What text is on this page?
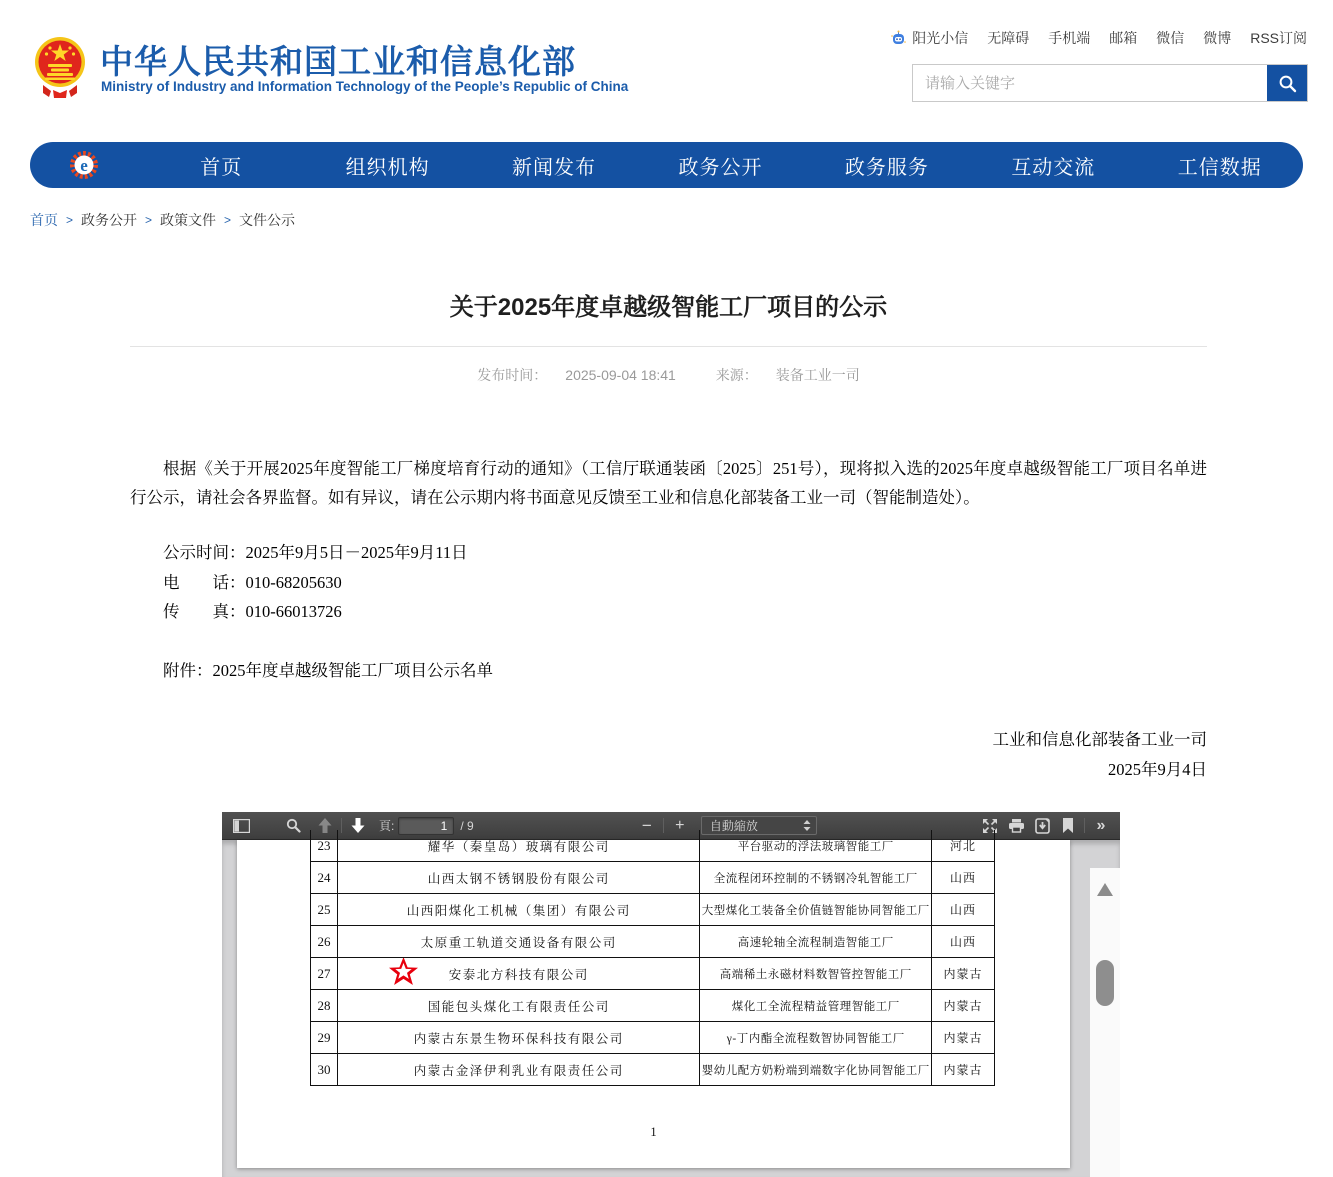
中华人民共和国工业和信息化部
Ministry of Industry and Information Technology of the People’s Republic of China
阳光小信 无障碍 手机端 邮箱 微信 微博 RSS订阅
请输入关键字
e	首页	组织机构	新闻发布	政务公开	政务服务	互动交流	工信数据
首页 > 政务公开 > 政策文件 > 文件公示
关于2025年度卓越级智能工厂项目的公示
发布时间： 2025-09-04 18:41	来源： 装备工业一司

根据《关于开展2025年度智能工厂梯度培育行动的通知》（工信厅联通装函〔2025〕251号），现将拟入选的2025年度卓越级智能工厂项目名单进行公示，请社会各界监督。如有异议，请在公示期内将书面意见反馈至工业和信息化部装备工业一司（智能制造处）。

公示时间：2025年9月5日－2025年9月11日
电　　话：010-68205630
传　　真：010-66013726
附件：2025年度卓越级智能工厂项目公示名单
工业和信息化部装备工业一司
2025年9月4日
頁:
1	/ 9	−	+	自動縮放	»
23	耀华（秦皇岛）玻璃有限公司	平台驱动的浮法玻璃智能工厂	河北
24	山西太钢不锈钢股份有限公司	全流程闭环控制的不锈钢冷轧智能工厂	山西
25	山西阳煤化工机械（集团）有限公司	大型煤化工装备全价值链智能协同智能工厂	山西
26	太原重工轨道交通设备有限公司	高速轮轴全流程制造智能工厂	山西
27	安泰北方科技有限公司	高端稀土永磁材料数智管控智能工厂	内蒙古
28	国能包头煤化工有限责任公司	煤化工全流程精益管理智能工厂	内蒙古
29	内蒙古东景生物环保科技有限公司	γ-丁内酯全流程数智协同智能工厂	内蒙古
30	内蒙古金泽伊利乳业有限责任公司	婴幼儿配方奶粉端到端数字化协同智能工厂	内蒙古
1
